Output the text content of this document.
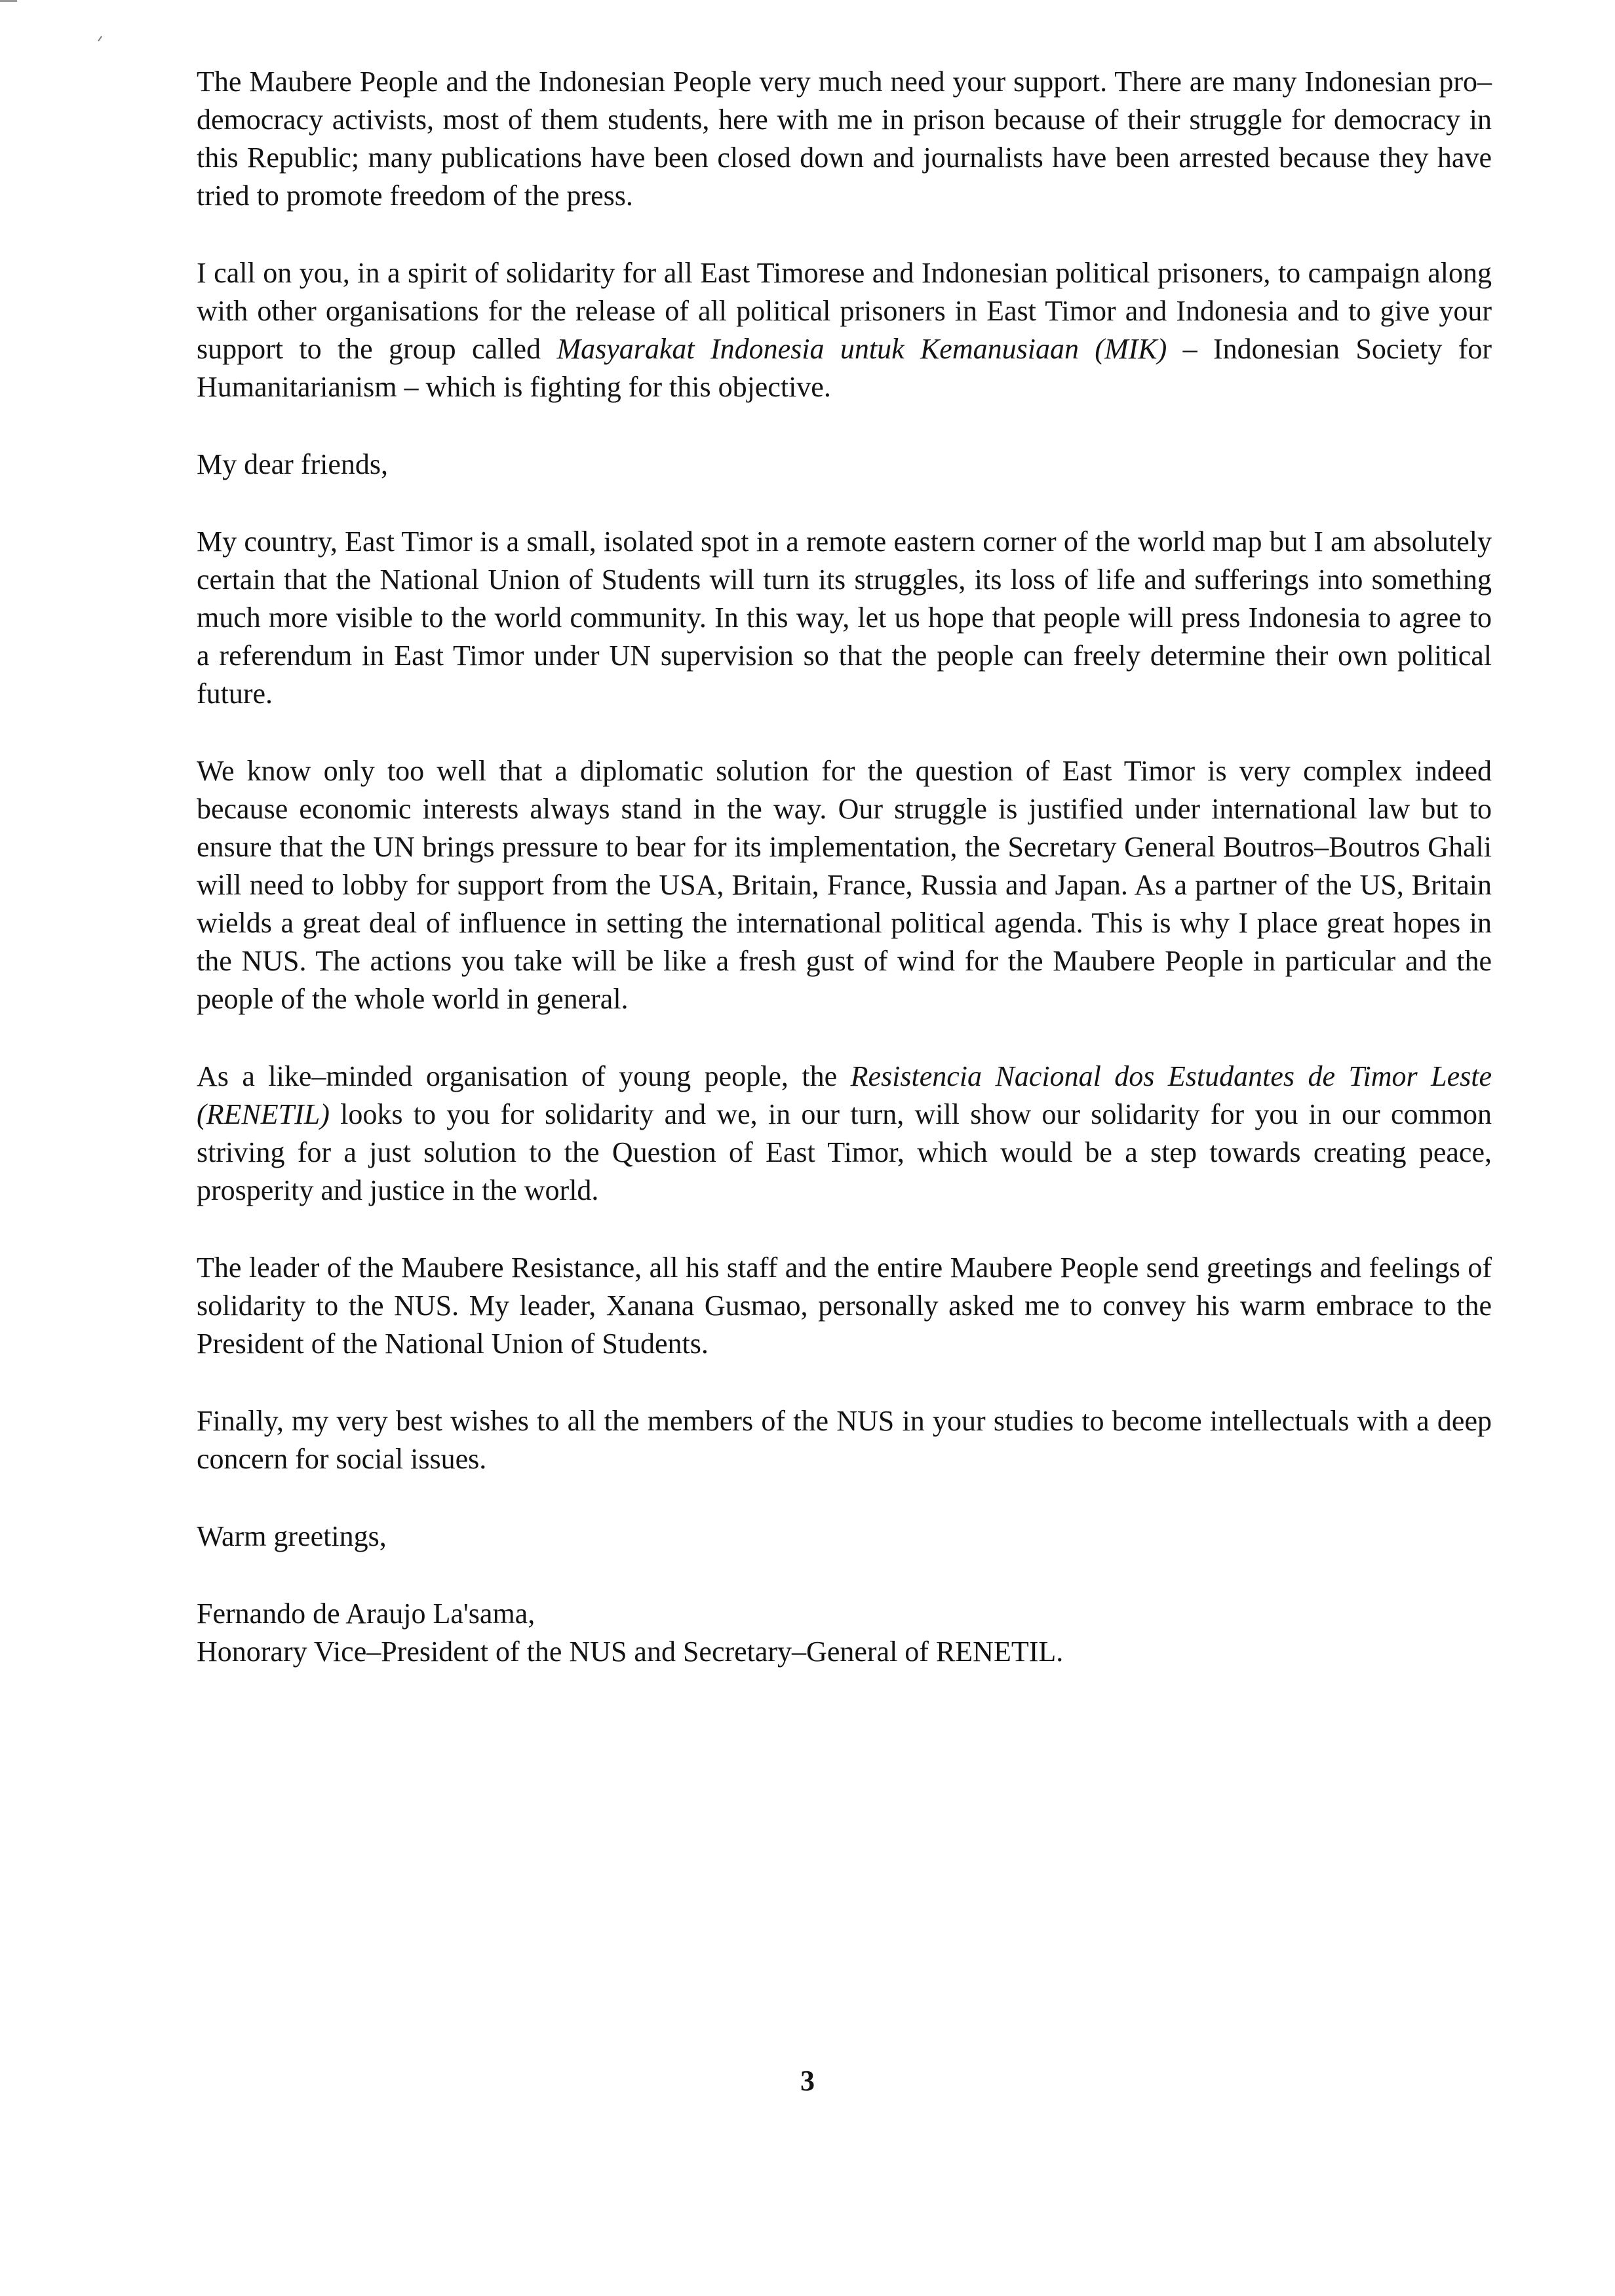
The Maubere People and the Indonesian People very much need your support. There are many Indonesian pro–democracy activists, most of them students, here with me in prison because of their struggle for democracy in this Republic; many publications have been closed down and journalists have been arrested because they have tried to promote freedom of the press.

I call on you, in a spirit of solidarity for all East Timorese and Indonesian political prisoners, to campaign along with other organisations for the release of all political prisoners in East Timor and Indonesia and to give your support to the group called Masyarakat Indonesia untuk Kemanusiaan (MIK) – Indonesian Society for Humanitarianism – which is fighting for this objective.

My dear friends,

My country, East Timor is a small, isolated spot in a remote eastern corner of the world map but I am absolutely certain that the National Union of Students will turn its struggles, its loss of life and sufferings into something much more visible to the world community. In this way, let us hope that people will press Indonesia to agree to a referendum in East Timor under UN supervision so that the people can freely determine their own political future.

We know only too well that a diplomatic solution for the question of East Timor is very complex indeed because economic interests always stand in the way. Our struggle is justified under international law but to ensure that the UN brings pressure to bear for its implementation, the Secretary General Boutros–Boutros Ghali will need to lobby for support from the USA, Britain, France, Russia and Japan. As a partner of the US, Britain wields a great deal of influence in setting the international political agenda. This is why I place great hopes in the NUS. The actions you take will be like a fresh gust of wind for the Maubere People in particular and the people of the whole world in general.

As a like–minded organisation of young people, the Resistencia Nacional dos Estudantes de Timor Leste (RENETIL) looks to you for solidarity and we, in our turn, will show our solidarity for you in our common striving for a just solution to the Question of East Timor, which would be a step towards creating peace, prosperity and justice in the world.

The leader of the Maubere Resistance, all his staff and the entire Maubere People send greetings and feelings of solidarity to the NUS. My leader, Xanana Gusmao, personally asked me to convey his warm embrace to the President of the National Union of Students.

Finally, my very best wishes to all the members of the NUS in your studies to become intellectuals with a deep concern for social issues.

Warm greetings,

Fernando de Araujo La'sama,
Honorary Vice–President of the NUS and Secretary–General of RENETIL.

3
